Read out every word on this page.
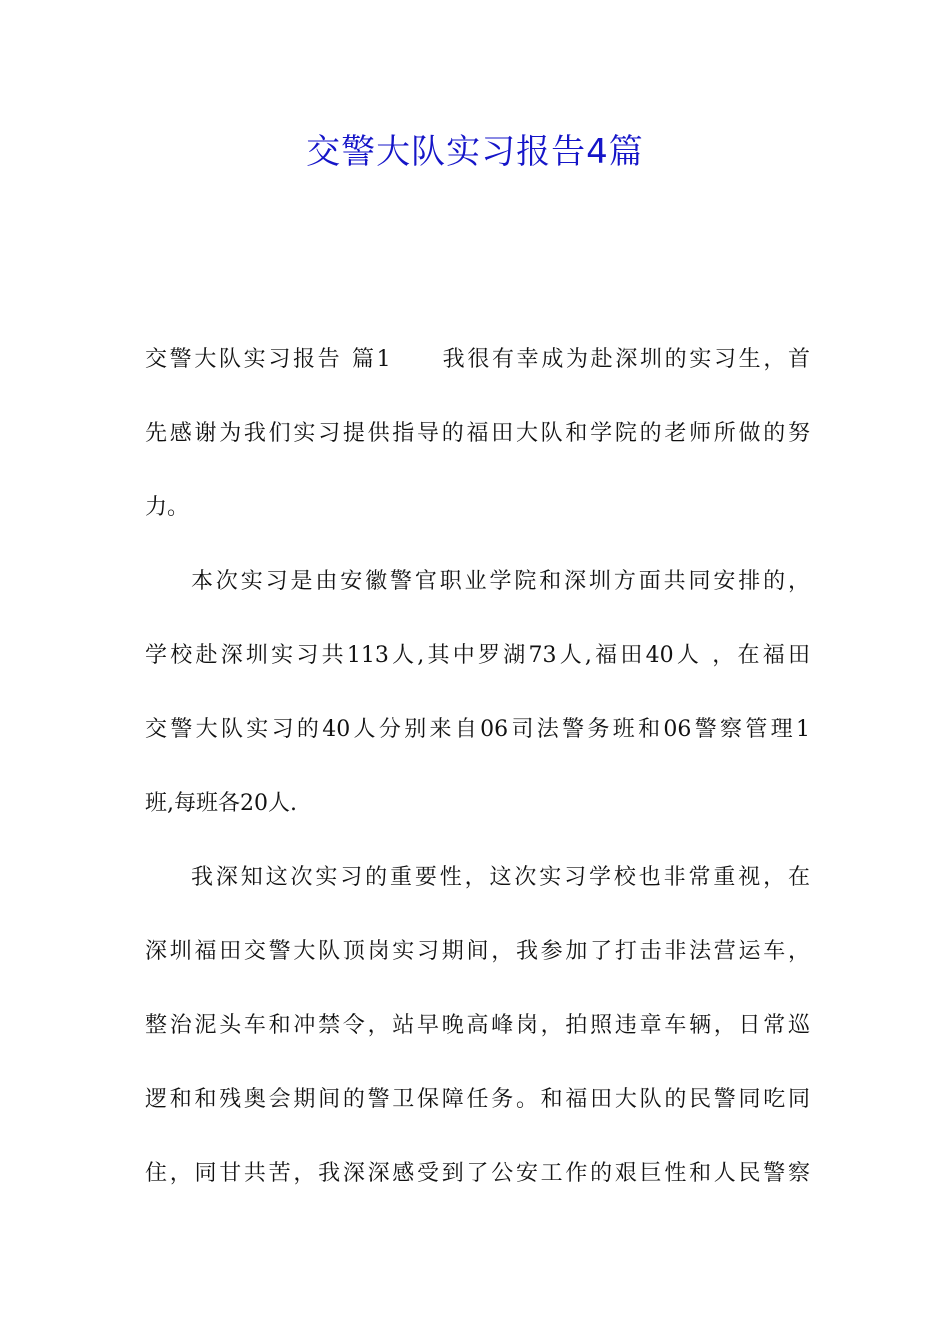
交警大队实习报告4篇
交警大队实习报告 篇1　　我很有幸成为赴深圳的实习生，首
先感谢为我们实习提供指导的福田大队和学院的老师所做的努
力。
本次实习是由安徽警官职业学院和深圳方面共同安排的，
学校赴深圳实习共113人,其中罗湖73人,福田40人 ，在福田
交警大队实习的40人分别来自06司法警务班和06警察管理1
班,每班各20人.
我深知这次实习的重要性，这次实习学校也非常重视，在
深圳福田交警大队顶岗实习期间，我参加了打击非法营运车，
整治泥头车和冲禁令，站早晚高峰岗，拍照违章车辆，日常巡
逻和和残奥会期间的警卫保障任务。和福田大队的民警同吃同
住，同甘共苦，我深深感受到了公安工作的艰巨性和人民警察
